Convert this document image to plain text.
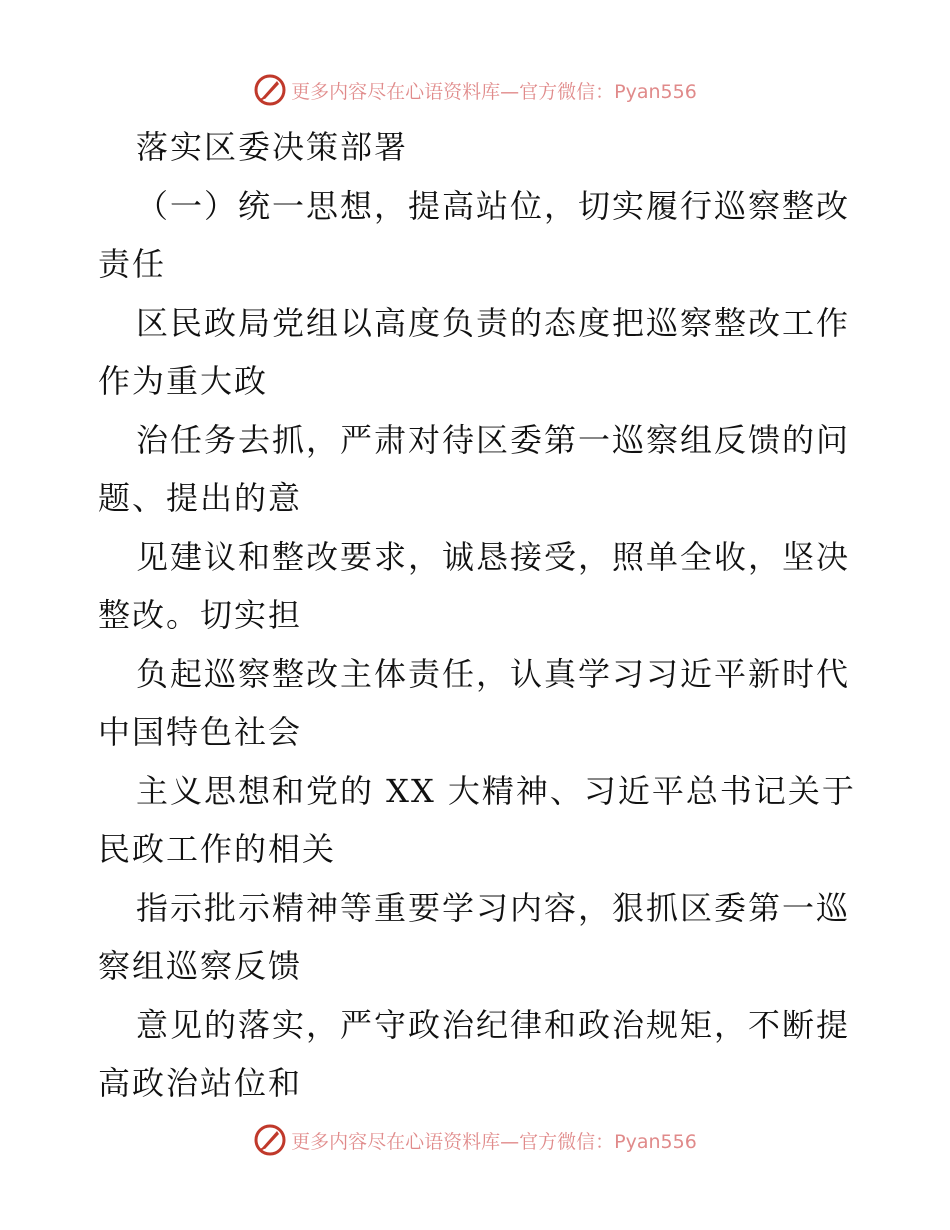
更多内容尽在心语资料库—官方微信：Pyan556
落实区委决策部署
（一）统一思想，提高站位，切实履行巡察整改
责任
区民政局党组以高度负责的态度把巡察整改工作
作为重大政
治任务去抓，严肃对待区委第一巡察组反馈的问
题、提出的意
见建议和整改要求，诚恳接受，照单全收，坚决
整改。切实担
负起巡察整改主体责任，认真学习习近平新时代
中国特色社会
主义思想和党的 XX 大精神、习近平总书记关于
民政工作的相关
指示批示精神等重要学习内容，狠抓区委第一巡
察组巡察反馈
意见的落实，严守政治纪律和政治规矩，不断提
高政治站位和
更多内容尽在心语资料库—官方微信：Pyan556
